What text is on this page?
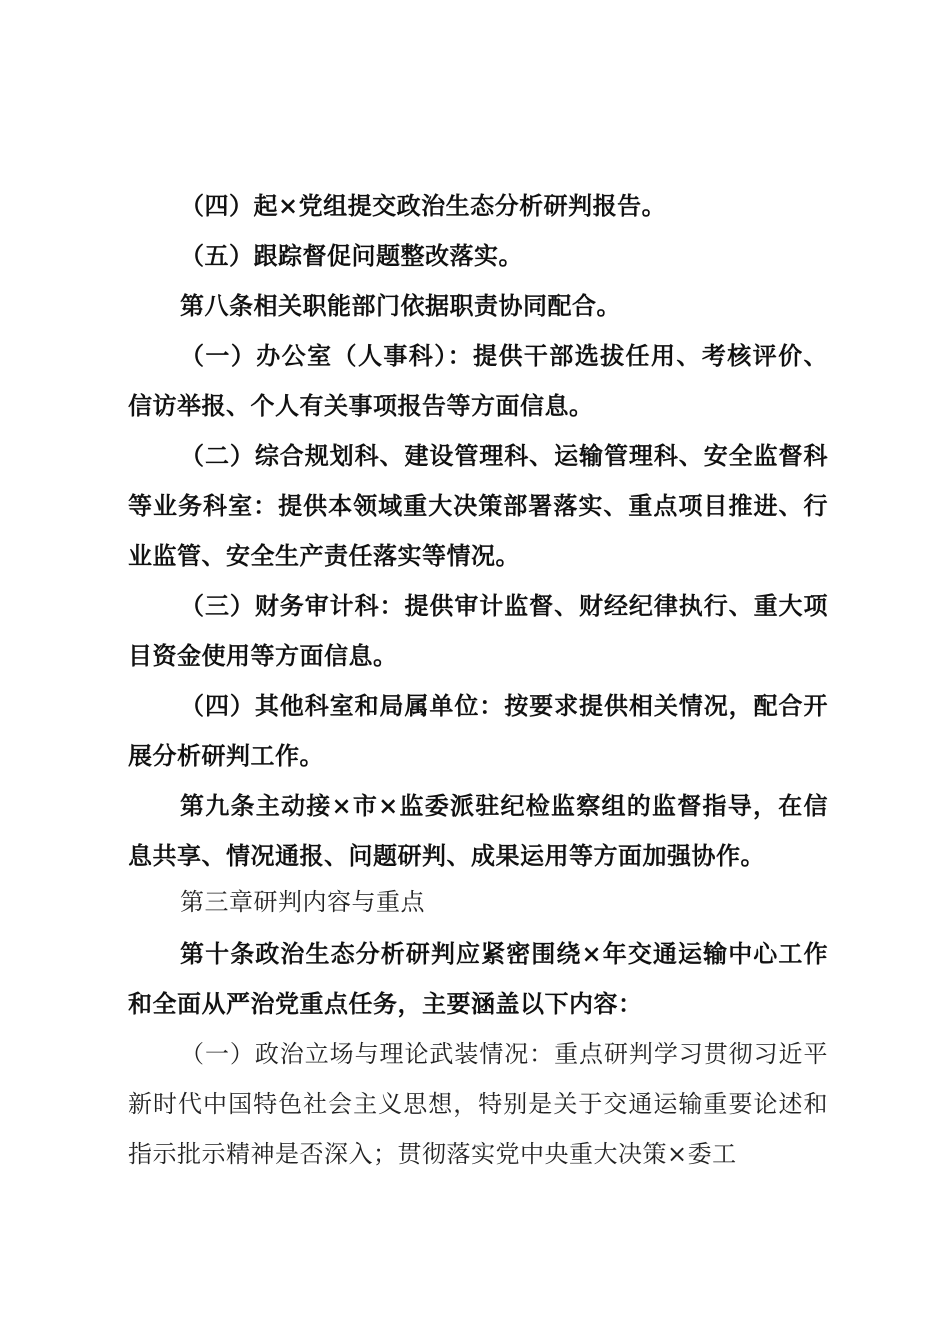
（四）起×党组提交政治生态分析研判报告。

（五）跟踪督促问题整改落实。

第八条相关职能部门依据职责协同配合。

（一）办公室（人事科）：提供干部选拔任用、考核评价、信访举报、个人有关事项报告等方面信息。

（二）综合规划科、建设管理科、运输管理科、安全监督科等业务科室：提供本领域重大决策部署落实、重点项目推进、行业监管、安全生产责任落实等情况。

（三）财务审计科：提供审计监督、财经纪律执行、重大项目资金使用等方面信息。

（四）其他科室和局属单位：按要求提供相关情况，配合开展分析研判工作。

第九条主动接×市×监委派驻纪检监察组的监督指导，在信息共享、情况通报、问题研判、成果运用等方面加强协作。

第三章研判内容与重点

第十条政治生态分析研判应紧密围绕×年交通运输中心工作和全面从严治党重点任务，主要涵盖以下内容：

（一）政治立场与理论武装情况：重点研判学习贯彻习近平新时代中国特色社会主义思想，特别是关于交通运输重要论述和指示批示精神是否深入；贯彻落实党中央重大决策×委工
